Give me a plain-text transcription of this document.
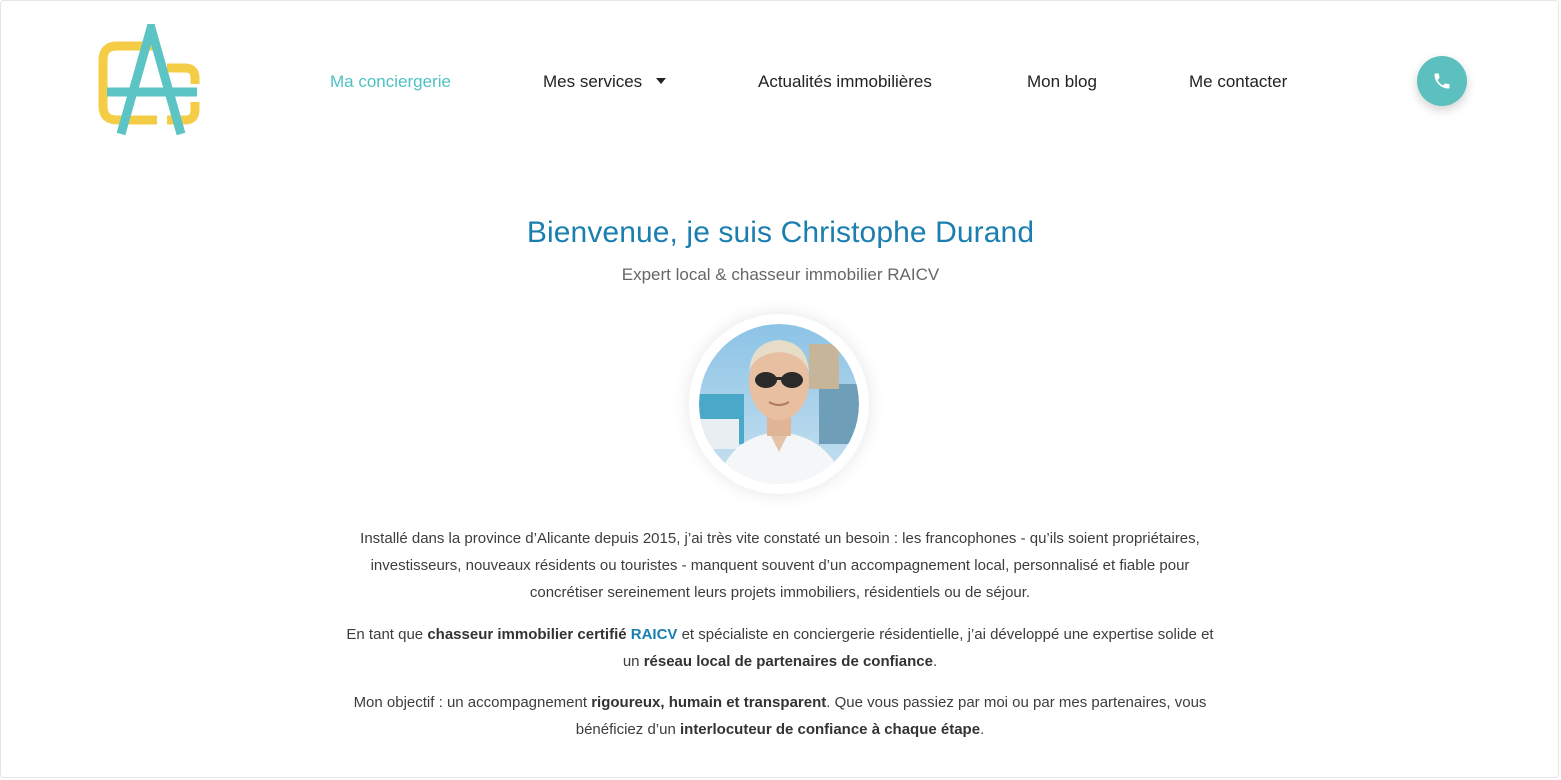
Ma conciergerie	Mes services	Actualités immobilières	Mon blog	Me contacter
Bienvenue, je suis Christophe Durand
Expert local & chasseur immobilier RAICV

Installé dans la province d’Alicante depuis 2015, j’ai très vite constaté un besoin : les francophones - qu’ils soient propriétaires, investisseurs, nouveaux résidents ou touristes - manquent souvent d’un accompagnement local, personnalisé et fiable pour concrétiser sereinement leurs projets immobiliers, résidentiels ou de séjour.

En tant que chasseur immobilier certifié RAICV et spécialiste en conciergerie résidentielle, j’ai développé une expertise solide et un réseau local de partenaires de confiance.

Mon objectif : un accompagnement rigoureux, humain et transparent. Que vous passiez par moi ou par mes partenaires, vous bénéficiez d’un interlocuteur de confiance à chaque étape.
